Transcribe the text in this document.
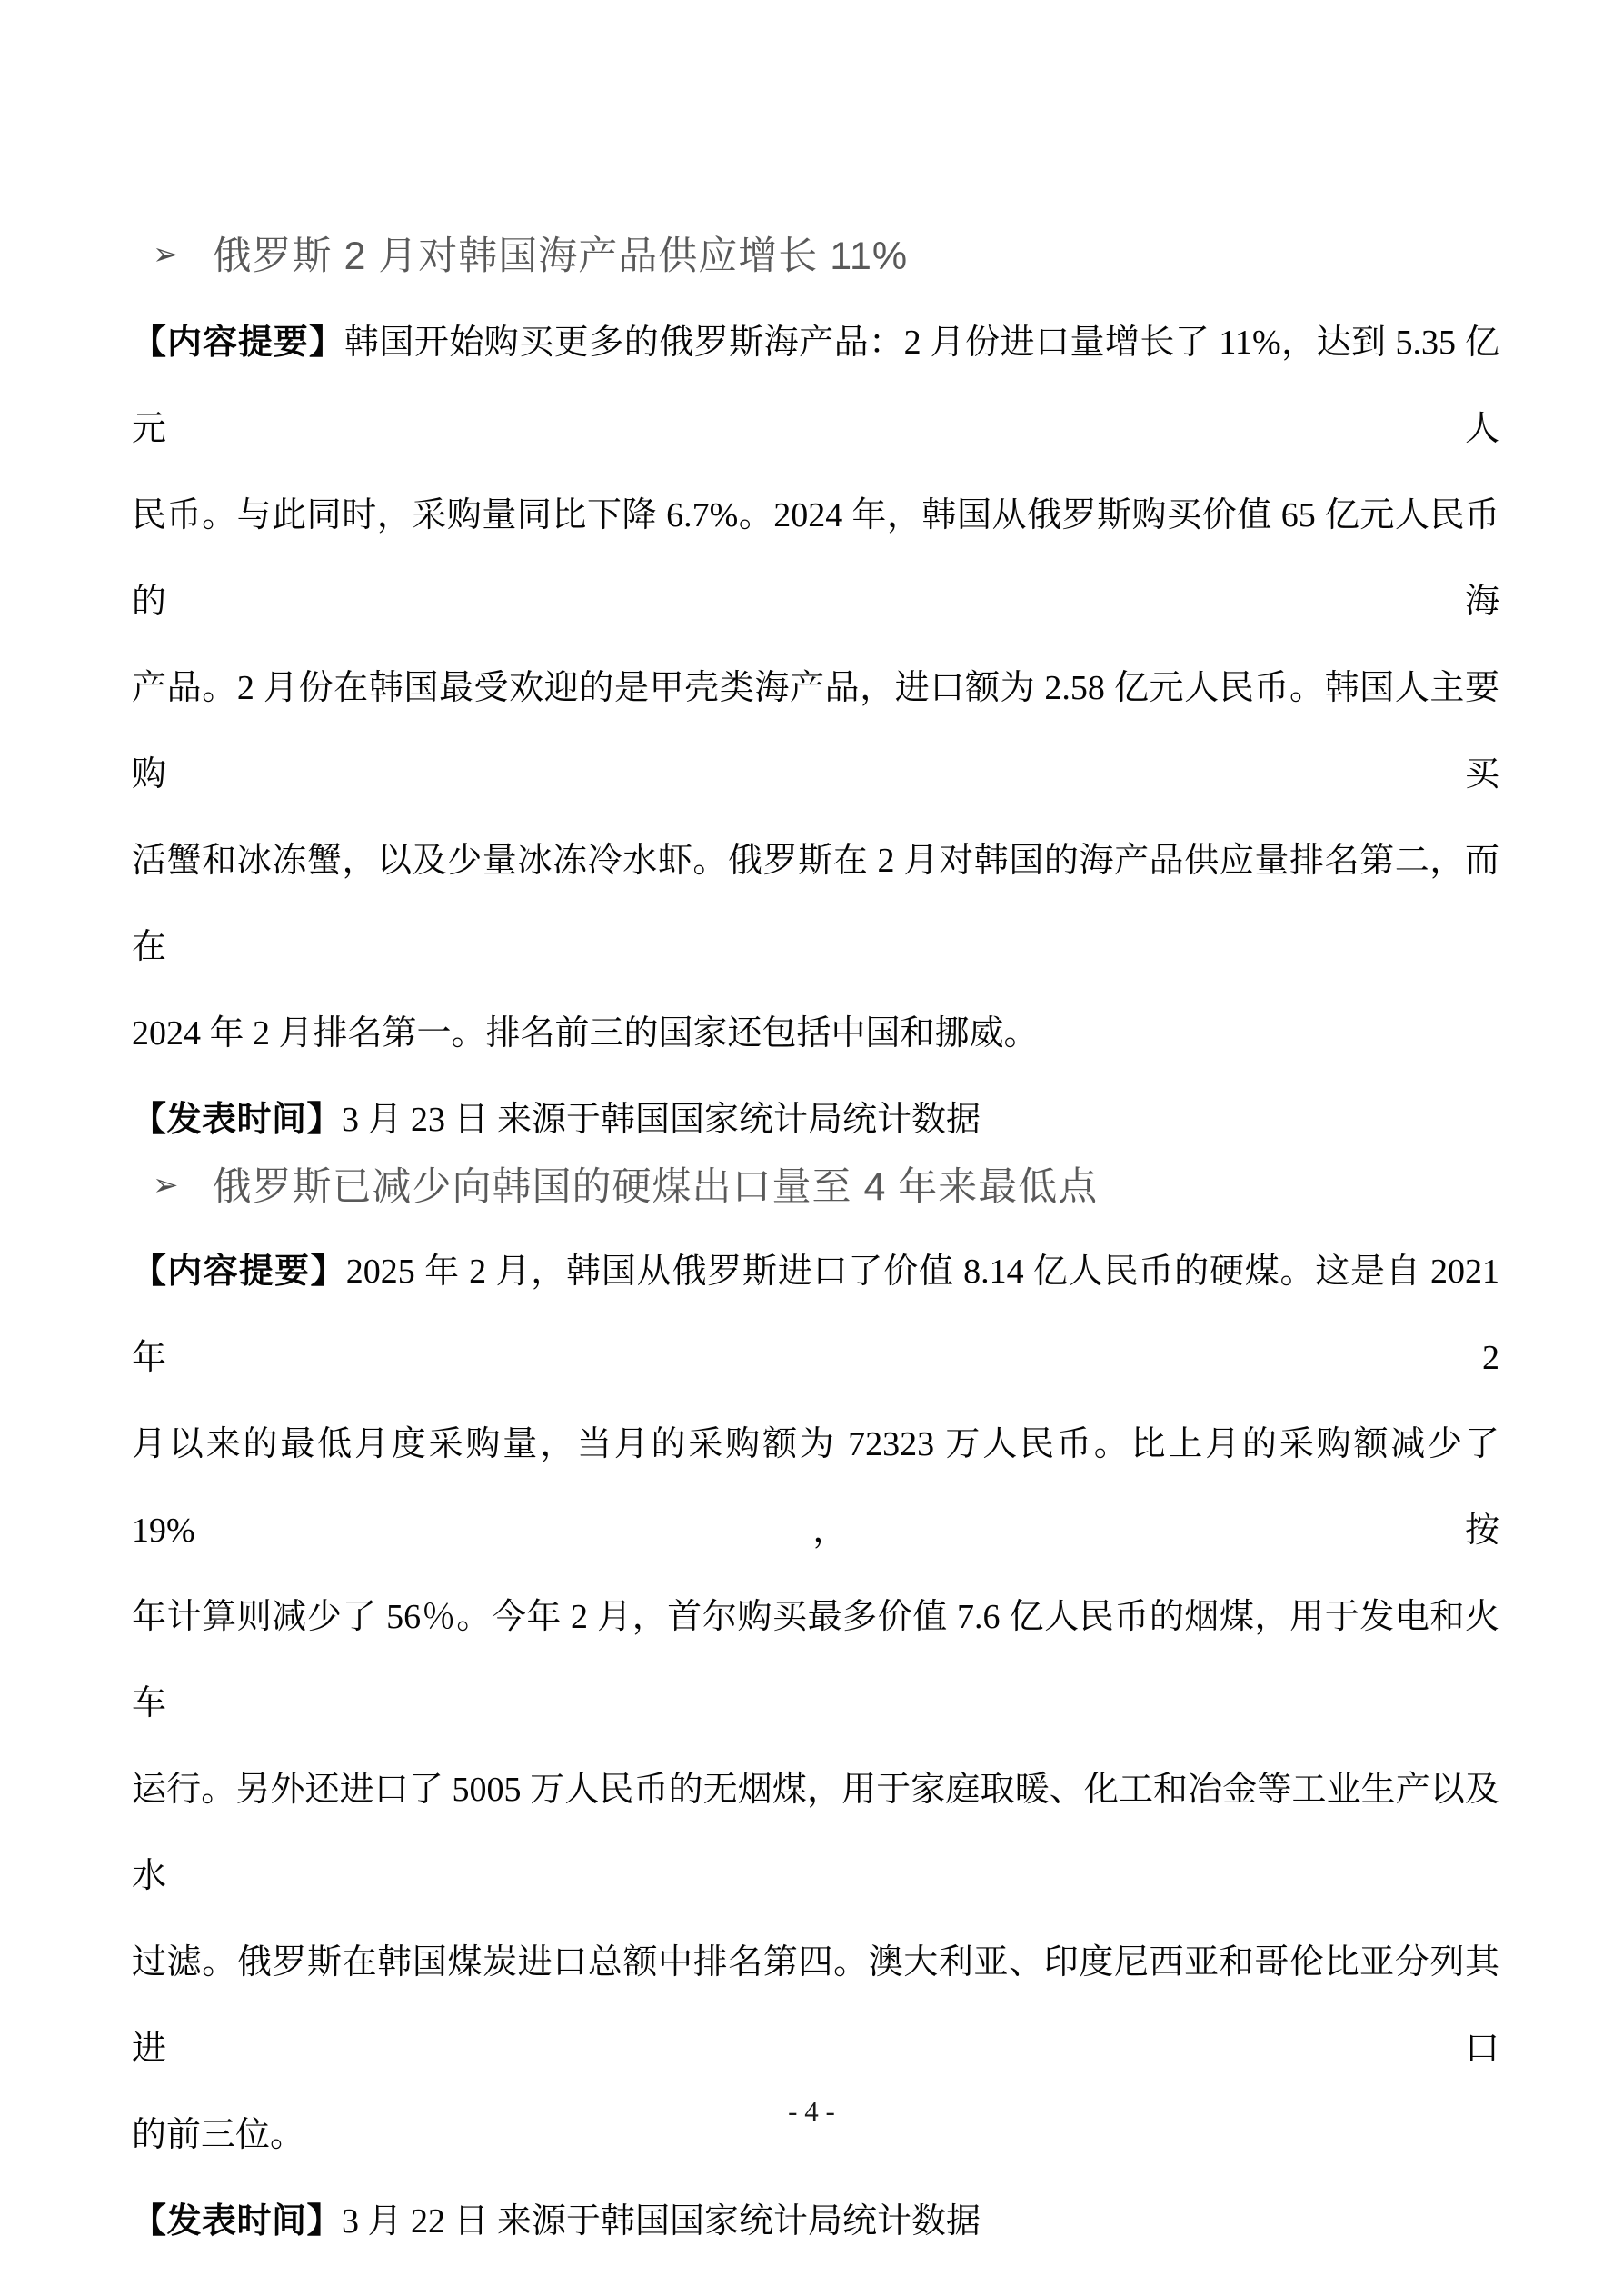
➢ 俄罗斯 2 月对韩国海产品供应增长 11%
【内容提要】韩国开始购买更多的俄罗斯海产品：2 月份进口量增长了 11%，达到 5.35 亿元人
民币。与此同时，采购量同比下降 6.7%。2024 年，韩国从俄罗斯购买价值 65 亿元人民币的海
产品。2 月份在韩国最受欢迎的是甲壳类海产品，进口额为 2.58 亿元人民币。韩国人主要购买
活蟹和冰冻蟹，以及少量冰冻冷水虾。俄罗斯在 2 月对韩国的海产品供应量排名第二，而在
2024 年 2 月排名第一。排名前三的国家还包括中国和挪威。
【发表时间】3 月 23 日 来源于韩国国家统计局统计数据
➢ 俄罗斯已减少向韩国的硬煤出口量至 4 年来最低点
【内容提要】2025 年 2 月，韩国从俄罗斯进口了价值 8.14 亿人民币的硬煤。这是自 2021 年 2
月以来的最低月度采购量，当月的采购额为 72323 万人民币。比上月的采购额减少了 19%，按
年计算则减少了 56％。今年 2 月，首尔购买最多价值 7.6 亿人民币的烟煤，用于发电和火车
运行。另外还进口了 5005 万人民币的无烟煤，用于家庭取暖、化工和冶金等工业生产以及水
过滤。俄罗斯在韩国煤炭进口总额中排名第四。澳大利亚、印度尼西亚和哥伦比亚分列其进口
的前三位。
【发表时间】3 月 22 日 来源于韩国国家统计局统计数据
- 4 -
